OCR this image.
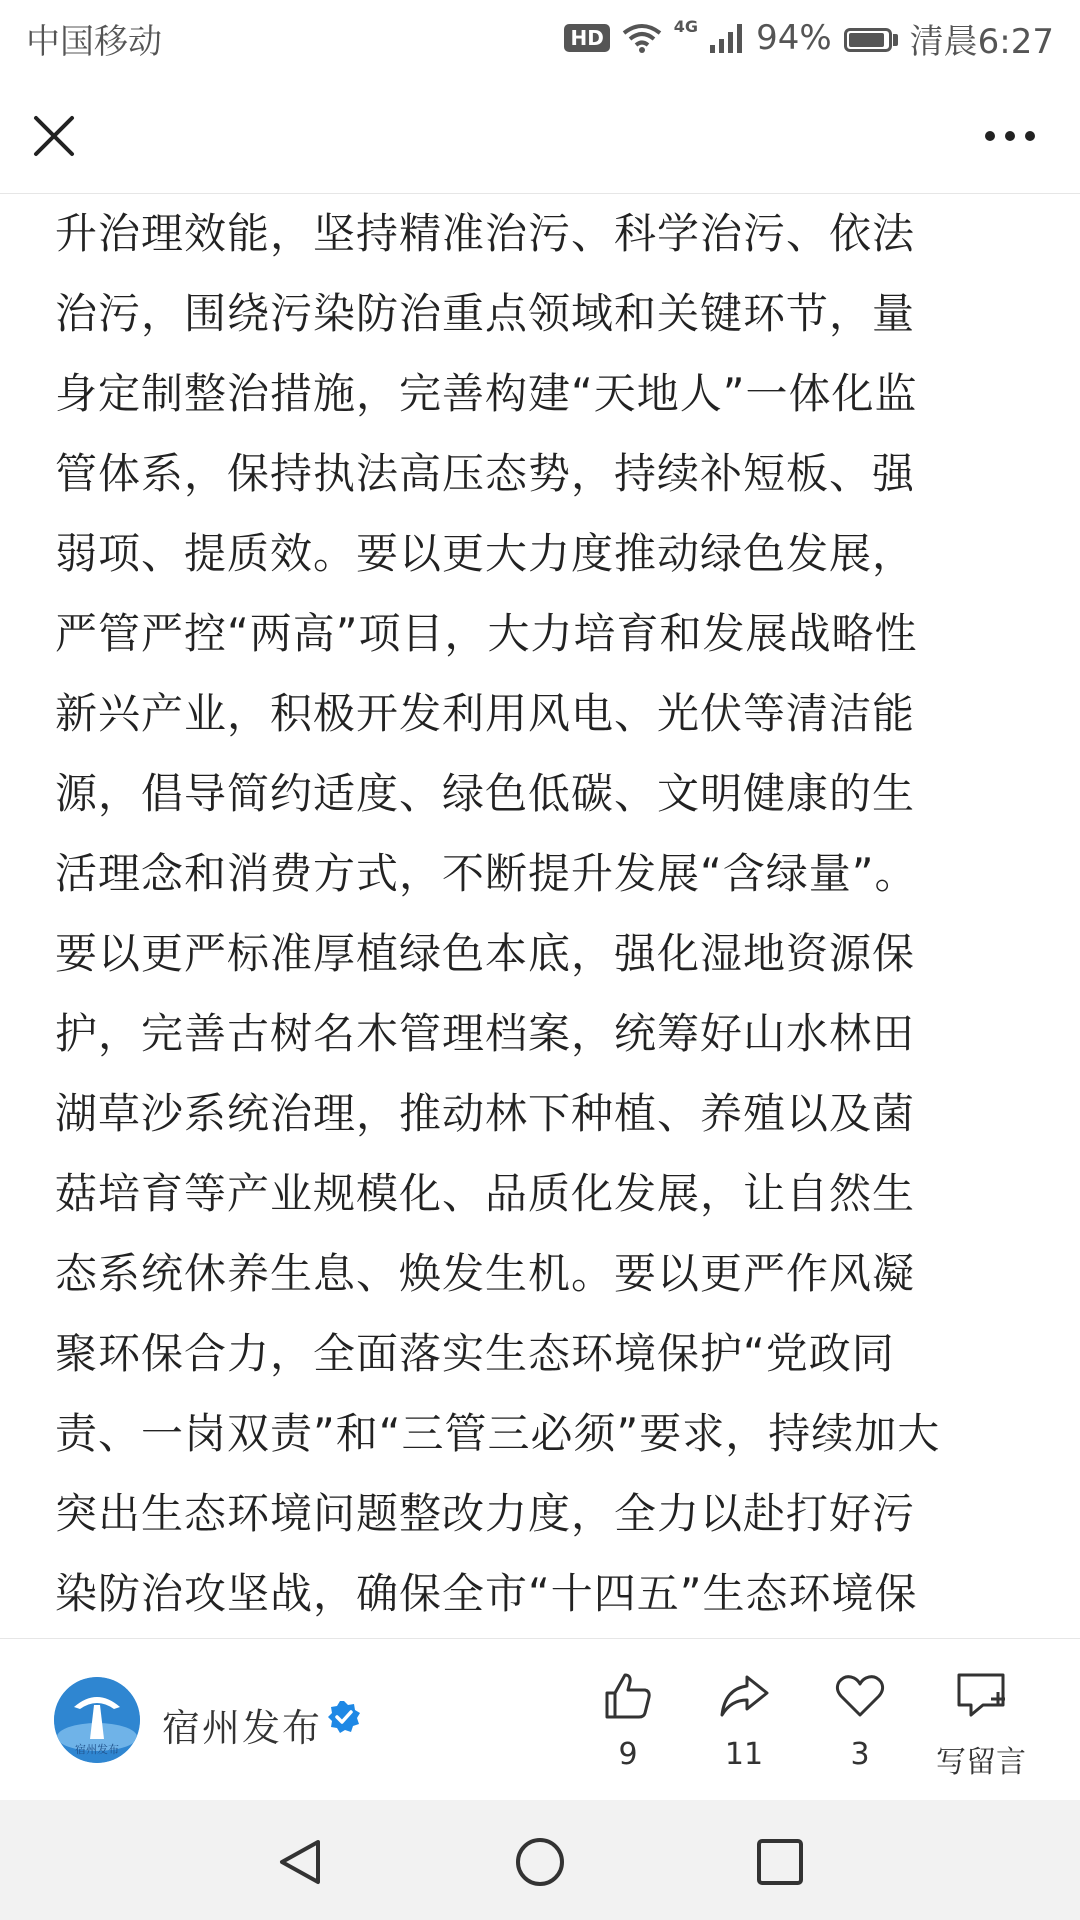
中国移动	HD	4G 94% 清晨6:27

升治理效能，坚持精准治污、科学治污、依法
治污，围绕污染防治重点领域和关键环节，量
身定制整治措施，完善构建“天地人”一体化监
管体系，保持执法高压态势，持续补短板、强
弱项、提质效。要以更大力度推动绿色发展，
严管严控“两高”项目，大力培育和发展战略性
新兴产业，积极开发利用风电、光伏等清洁能
源，倡导简约适度、绿色低碳、文明健康的生
活理念和消费方式，不断提升发展“含绿量”。
要以更严标准厚植绿色本底，强化湿地资源保
护，完善古树名木管理档案，统筹好山水林田
湖草沙系统治理，推动林下种植、养殖以及菌
菇培育等产业规模化、品质化发展，让自然生
态系统休养生息、焕发生机。要以更严作风凝
聚环保合力，全面落实生态环境保护“党政同
责、一岗双责”和“三管三必须”要求，持续加大
突出生态环境问题整改力度，全力以赴打好污
染防治攻坚战，确保全市“十四五”生态环境保
宿州发布 宿州发布
9	11	3	写留言
